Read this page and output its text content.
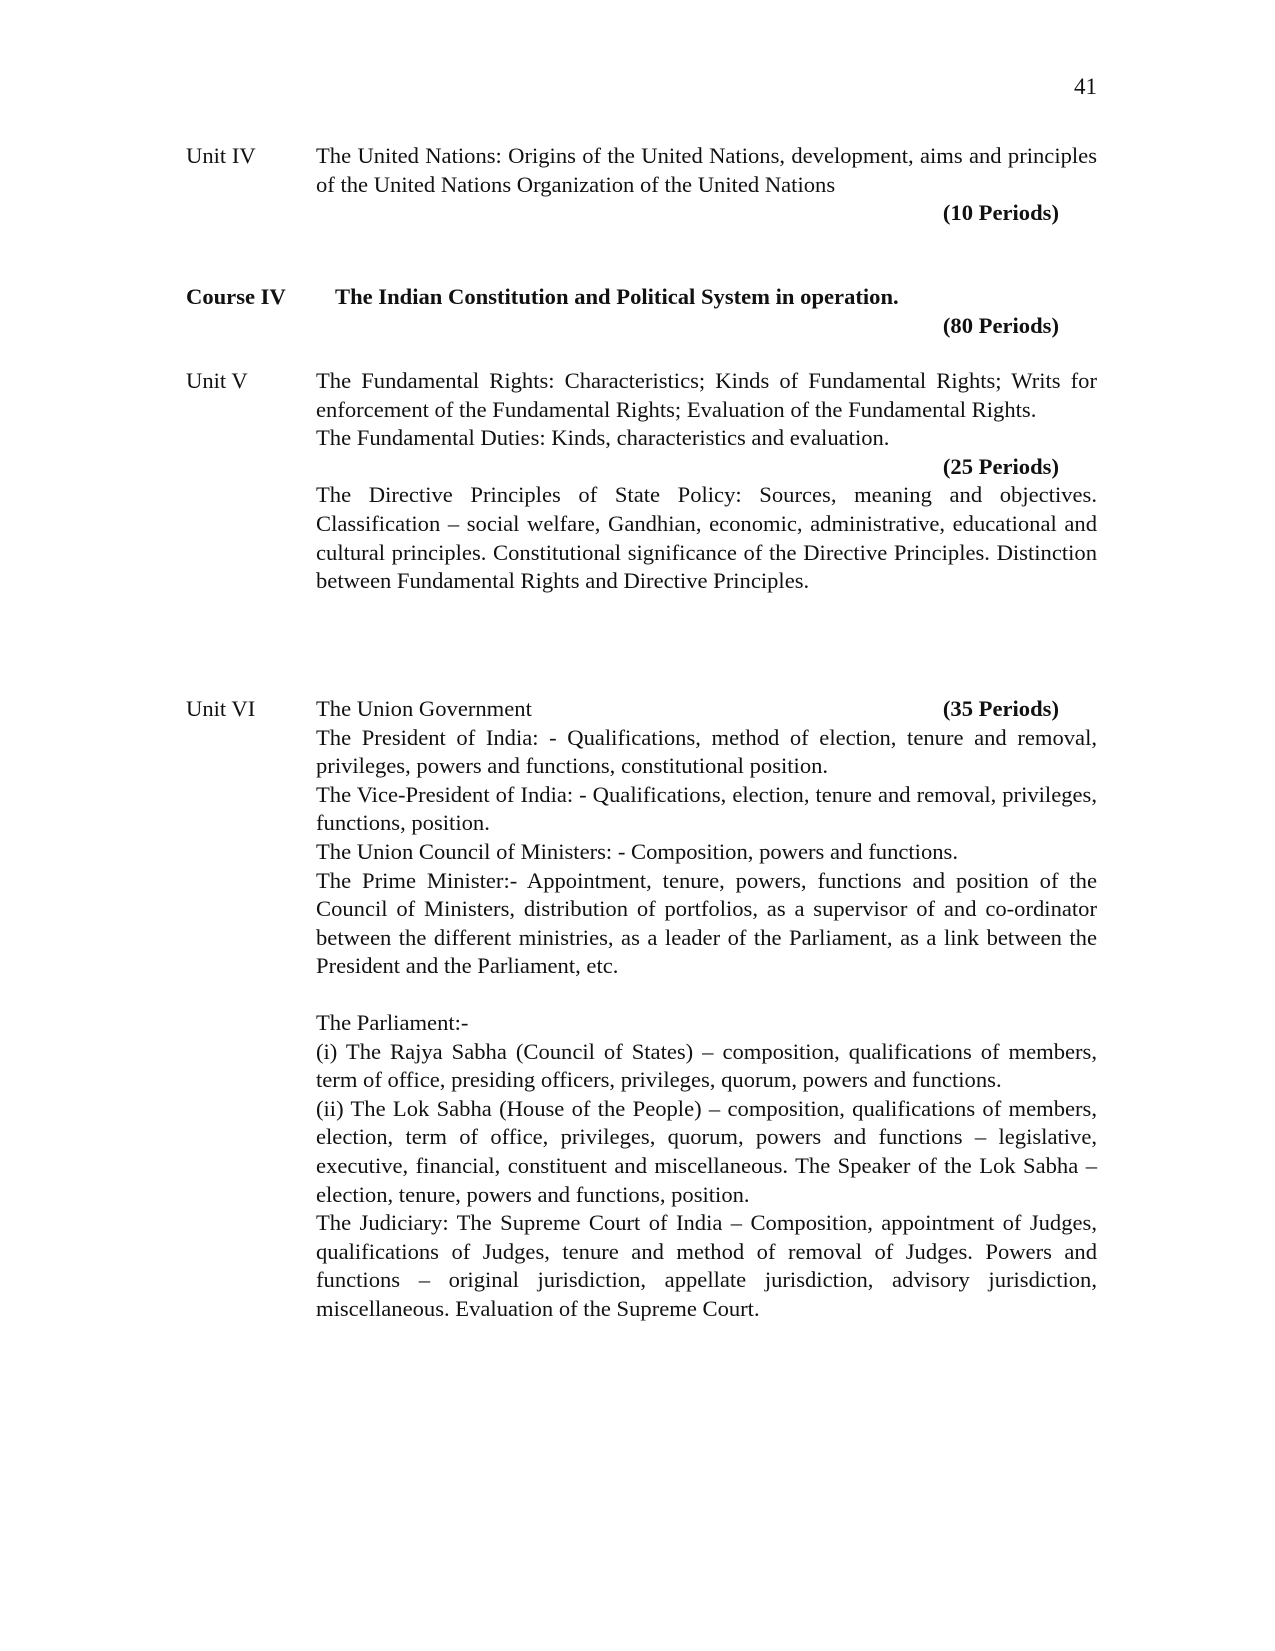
41
Unit IV	The United Nations: Origins of the United Nations, development, aims and principles of the United Nations Organization of the United Nations

(10 Periods)
Course IV The Indian Constitution and Political System in operation.
(80 Periods)
Unit V	The Fundamental Rights: Characteristics; Kinds of Fundamental Rights; Writs for enforcement of the Fundamental Rights; Evaluation of the Fundamental Rights.

The Fundamental Duties: Kinds, characteristics and evaluation.

(25 Periods)

The Directive Principles of State Policy: Sources, meaning and objectives. Classification – social welfare, Gandhian, economic, administrative, educational and cultural principles. Constitutional significance of the Directive Principles. Distinction between Fundamental Rights and Directive Principles.

Unit VI	The Union Government	(35 Periods)

The President of India: - Qualifications, method of election, tenure and removal, privileges, powers and functions, constitutional position.

The Vice-President of India: - Qualifications, election, tenure and removal, privileges, functions, position.

The Union Council of Ministers: - Composition, powers and functions.

The Prime Minister:- Appointment, tenure, powers, functions and position of the Council of Ministers, distribution of portfolios, as a supervisor of and co-ordinator between the different ministries, as a leader of the Parliament, as a link between the President and the Parliament, etc.

The Parliament:-

(i) The Rajya Sabha (Council of States) – composition, qualifications of members, term of office, presiding officers, privileges, quorum, powers and functions.

(ii) The Lok Sabha (House of the People) – composition, qualifications of members, election, term of office, privileges, quorum, powers and functions – legislative, executive, financial, constituent and miscellaneous. The Speaker of the Lok Sabha – election, tenure, powers and functions, position.

The Judiciary: The Supreme Court of India – Composition, appointment of Judges, qualifications of Judges, tenure and method of removal of Judges. Powers and functions – original jurisdiction, appellate jurisdiction, advisory jurisdiction, miscellaneous. Evaluation of the Supreme Court.
